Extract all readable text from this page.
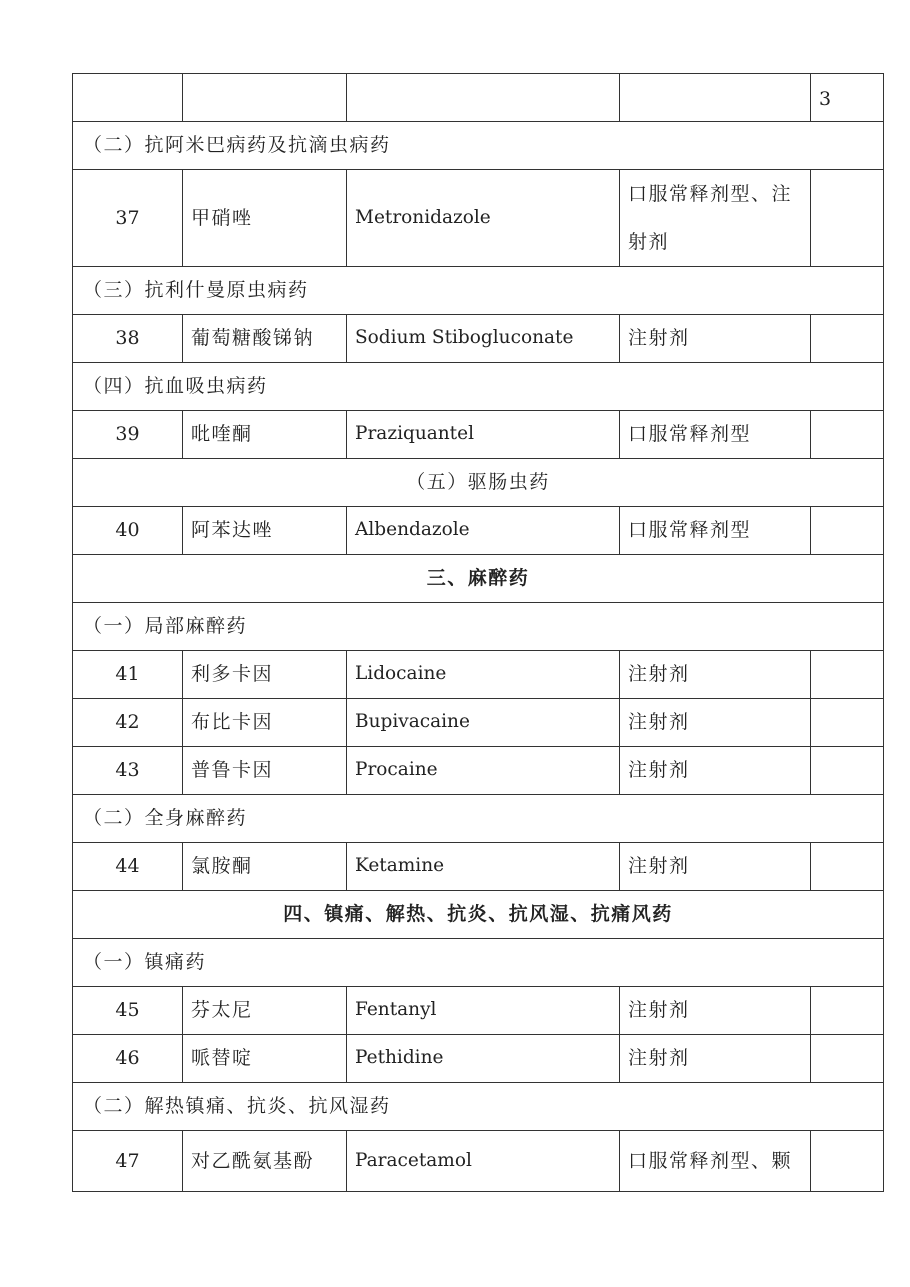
				3
（二）抗阿米巴病药及抗滴虫病药				
37	甲硝唑	Metronidazole	口服常释剂型、注射剂	
（三）抗利什曼原虫病药				
38	葡萄糖酸锑钠	Sodium Stibogluconate	注射剂	
（四）抗血吸虫病药				
39	吡喹酮	Praziquantel	口服常释剂型	
（五）驱肠虫药				
40	阿苯达唑	Albendazole	口服常释剂型	
三、麻醉药				
（一）局部麻醉药				
41	利多卡因	Lidocaine	注射剂	
42	布比卡因	Bupivacaine	注射剂	
43	普鲁卡因	Procaine	注射剂	
（二）全身麻醉药				
44	氯胺酮	Ketamine	注射剂	
四、镇痛、解热、抗炎、抗风湿、抗痛风药				
（一）镇痛药				
45	芬太尼	Fentanyl	注射剂	
46	哌替啶	Pethidine	注射剂	
（二）解热镇痛、抗炎、抗风湿药				
47	对乙酰氨基酚	Paracetamol	口服常释剂型、颗	
